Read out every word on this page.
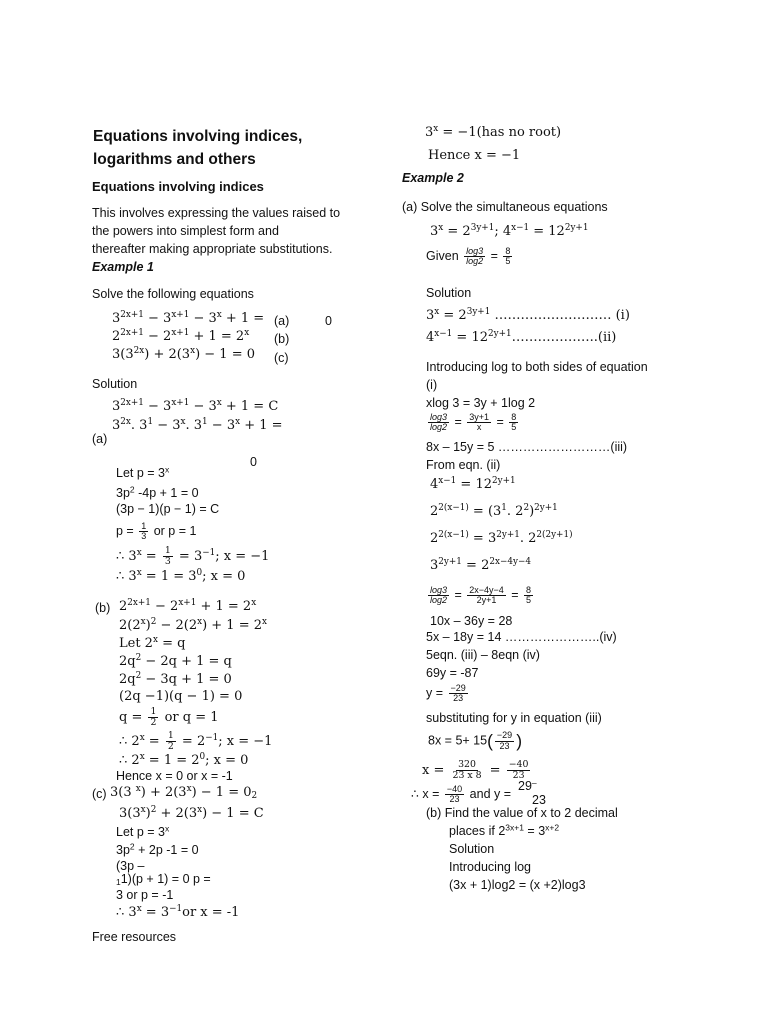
Equations involving indices,
logarithms and others
Equations involving indices
This involves expressing the values raised to
the powers into simplest form and
thereafter making appropriate substitutions.
Example 1
Solve the following equations
$3^{2x+1} - 3^{x+1} - 3^x + 1 = (a)$	0
$2^{2x+1} - 2^{x+1} + 1 = 2^x$ (b)
$3(3^{2x}) + 2(3^x) - 1 = 0$ (c)
Solution
$3^{2x+1} - 3^{x+1} - 3^x + 1 = C$
$3^{2x}$. $3^1 - 3^x$. $3^1 - 3^x + 1$ =
(a)
0
Let $p = 3^x$
$3p^2$ -4p + 1 = 0
(3p − 1)(p − 1) = C
$p = \frac{1}{3}$ or p = 1
∴ $3^x = \frac{1}{3} = 3^{-1}$; x = −1
∴ $3^x = 1 = 3^0$; x = 0
(b) $2^{2x+1} - 2^{x+1} + 1 = 2^x$
$2(2^x)^2 - 2(2^x) + 1 = 2^x$
Let $2^x = q$
$2q^2 - 2q + 1 = q$
$2q^2 - 3q + 1 = 0$
(2q −1)(q − 1) = 0
$q = \frac{1}{2}$ or q = 1
∴ $2^x = \frac{1}{2} = 2^{-1}$; x = −1
∴ $2^x = 1 = 2^0$; x = 0
Hence x = 0 or x = -1
(c) 3(3 $^x) + 2(3^x) - 1 = 0_2$
$3(3^x)^2 + 2(3^x) - 1 = C$
Let $p = 3^x$
$3p^2 + 2p$ -1 = 0
(3p –
$_1$1)(p + 1) = 0 p =
3 or p = -1
∴ $3^x = 3^{-1}or$ x = -1
Free resources
$3^x = -1(has$ no root)
Hence x = −1
Example 2
(a) Solve the simultaneous equations
$3^x = 2^{3y+1}$; $4^{x-1} = 12^{2y+1}$
Given $\frac{\log 3}{\log 2} = \frac{8}{5}$
Solution
$3^x = 2^{3y+1}$ ……………………… (i)
$4^{x-1}$ = $12^{2y+1}\dots\dots\dots\dots\dots\dots..(ii)$
Introducing log to both sides of equation
(i)
xlog 3 = 3y + 1log 2
$\frac{\log 3}{\log 2} = \frac{3y+1}{x} = \frac{8}{5}$
8x – 15y = 5 ………………………(iii)
From eqn. (ii)
$4^{x-1} = 12^{2y+1}$
$2^{2(x-1)} = (3^1$. $2^2)^{2y+1}$
$2^{2(x-1)} = 3^{2y+1}$. $2^{2(2y+1)}$
$3^{2y+1} = 2^{2x-4y-4}$
$\frac{\log 3}{\log 2} = \frac{2x-4y-4}{2y+1} = \frac{8}{5}$
10x – 36y = 28
5x – 18y = 14 …………………..(iv)
5eqn. (iii) – 8eqn (iv)
69y = -87
$y = \frac{-29}{23}$
substituting for y in equation (iii)
$8x = 5+ 15( \frac{-29}{23}$ )
$x = \frac{320}{23 x 8} = \frac{-40}{23}$
∴ $x = \frac{-40}{23}$ and y =
29–
23
(b) Find the value of x to 2 decimal
places if $2^{3x+1} = 3^{x+2}$
Solution
Introducing log
(3x + 1)log2 = (x +2)log3
